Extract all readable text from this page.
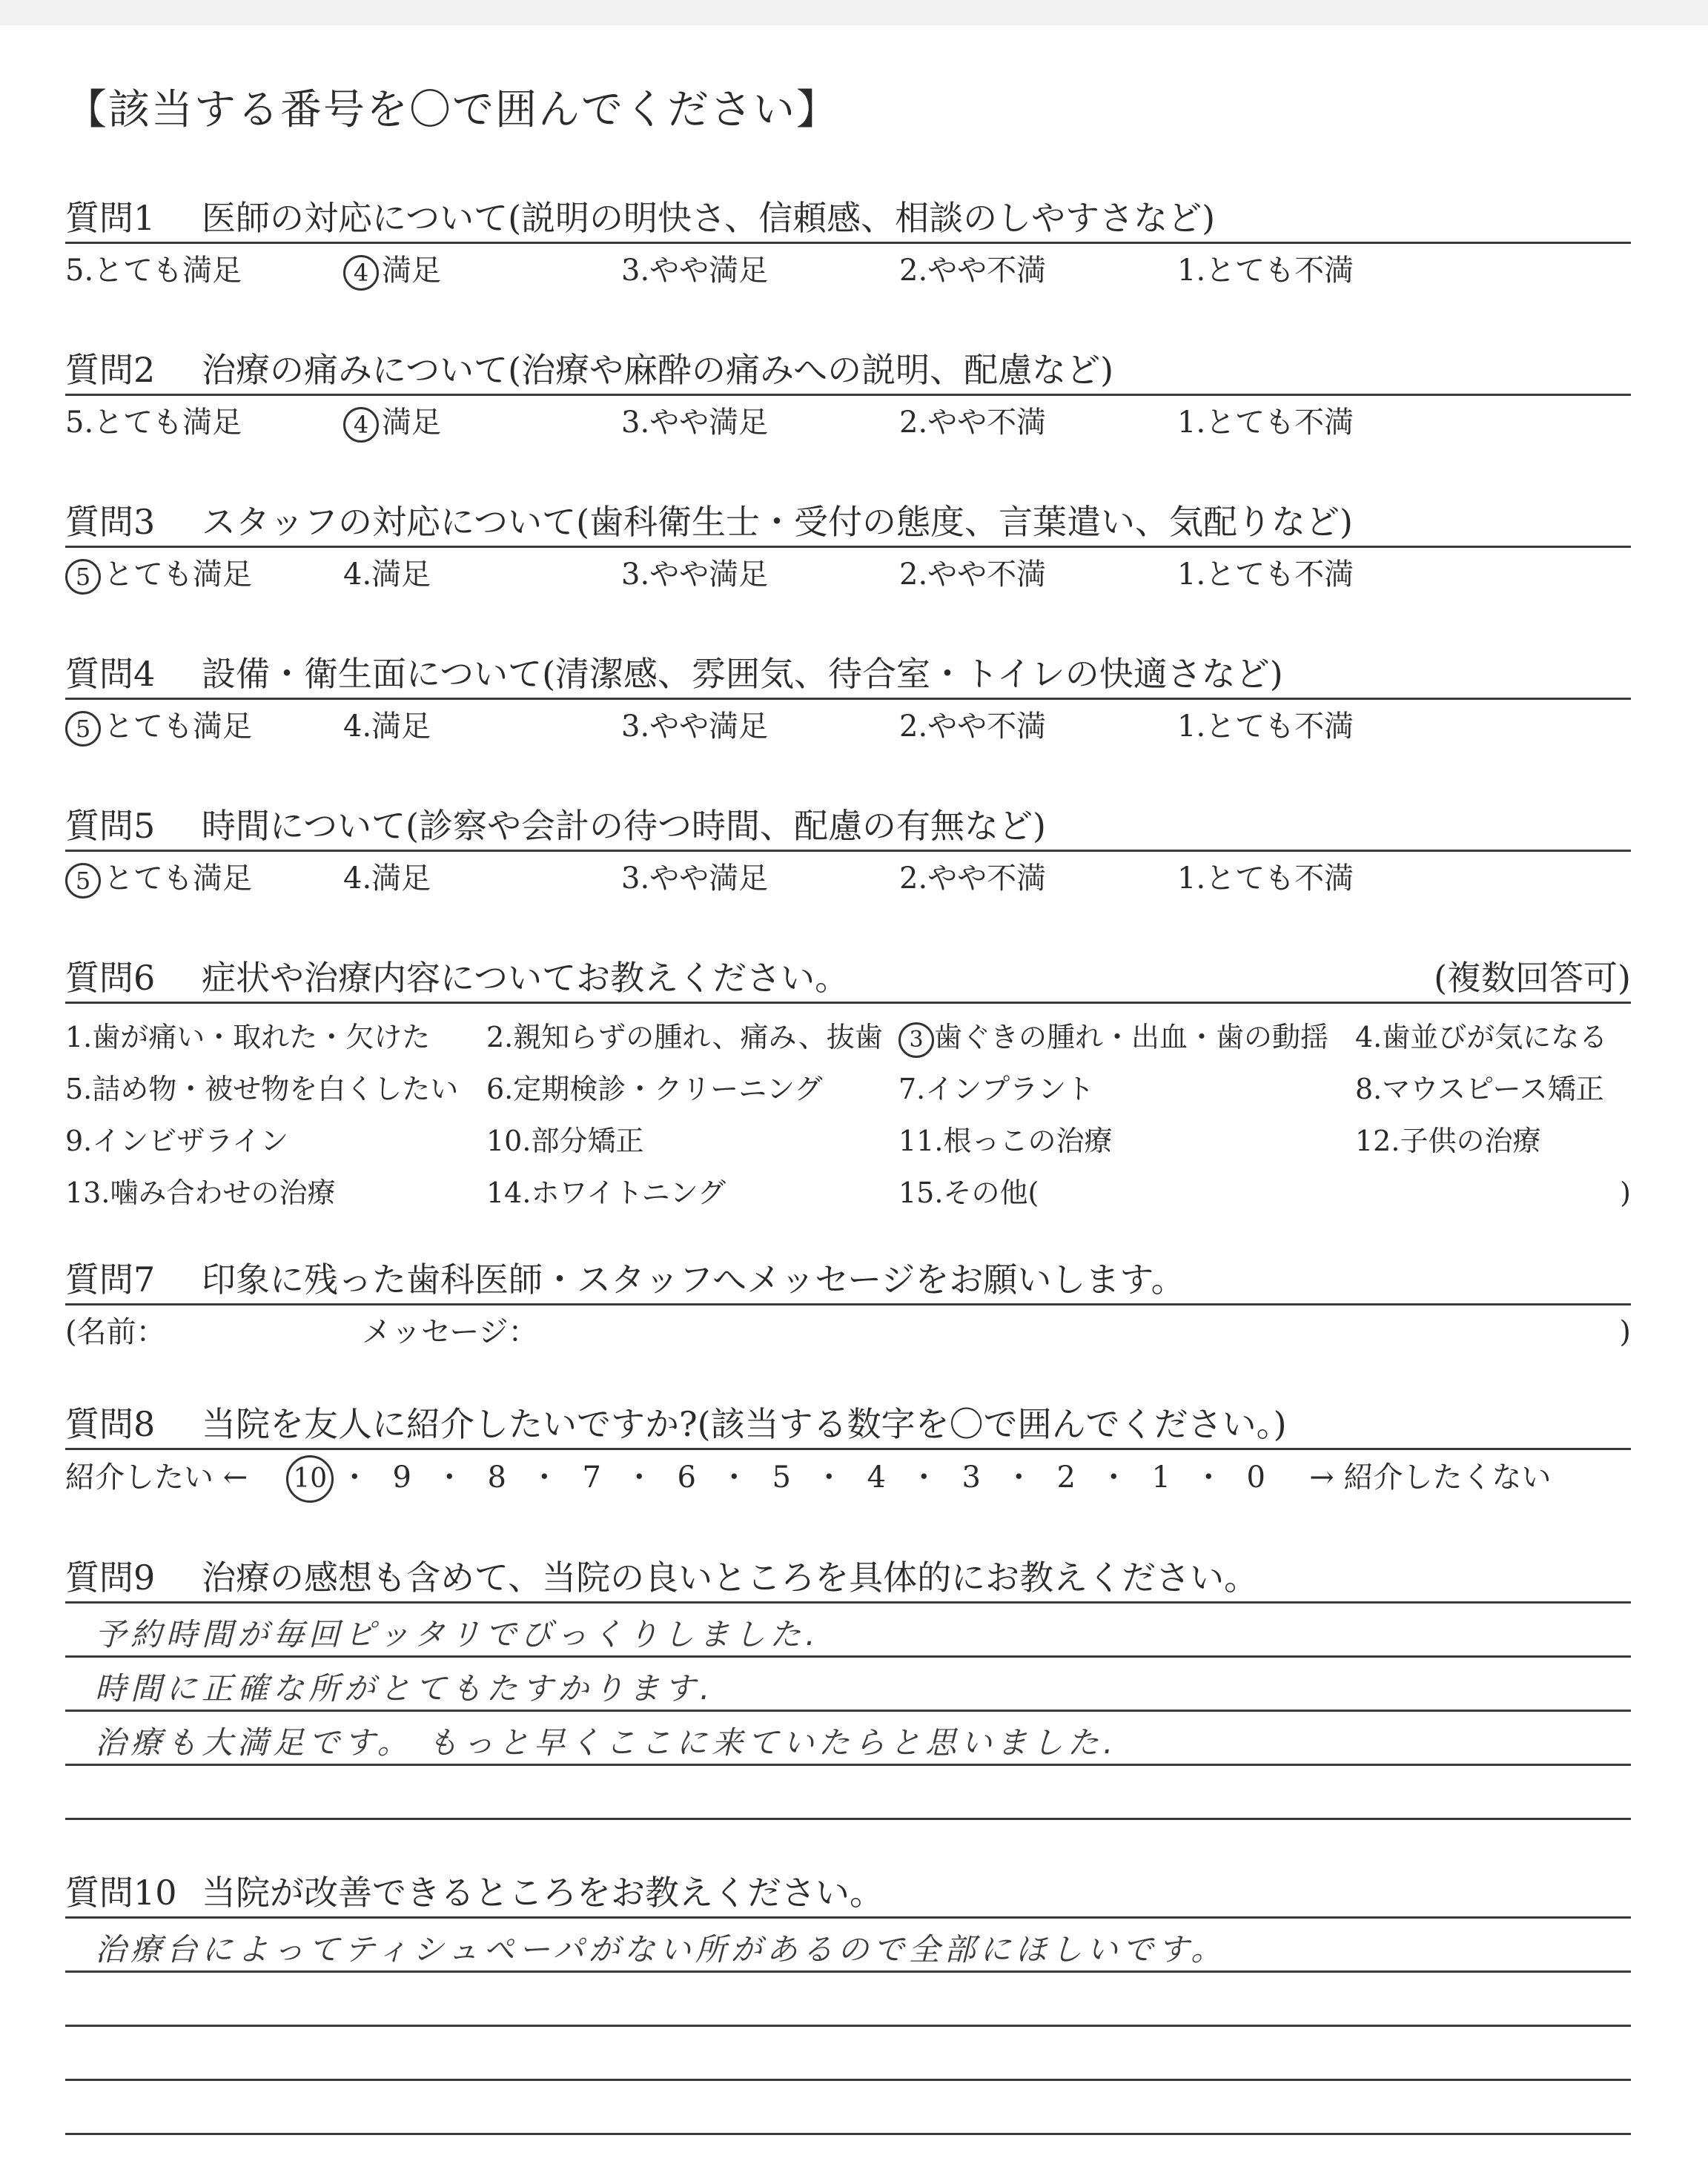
【該当する番号を〇で囲んでください】
質問1 医師の対応について(説明の明快さ、信頼感、相談のしやすさなど)
5.とても満足	4 満足	3.やや満足	2.やや不満	1.とても不満
質問2 治療の痛みについて(治療や麻酔の痛みへの説明、配慮など)
5.とても満足	4 満足	3.やや満足	2.やや不満	1.とても不満
質問3 スタッフの対応について(歯科衛生士・受付の態度、言葉遣い、気配りなど)
5 とても満足	4.満足	3.やや満足	2.やや不満	1.とても不満
質問4 設備・衛生面について(清潔感、雰囲気、待合室・トイレの快適さなど)
5 とても満足	4.満足	3.やや満足	2.やや不満	1.とても不満
質問5 時間について(診察や会計の待つ時間、配慮の有無など)
5 とても満足	4.満足	3.やや満足	2.やや不満	1.とても不満
質問6 症状や治療内容についてお教えください。	(複数回答可)
1.歯が痛い・取れた・欠けた	2.親知らずの腫れ、痛み、抜歯	3 歯ぐきの腫れ・出血・歯の動揺 4.歯並びが気になる
5.詰め物・被せ物を白くしたい 6.定期検診・クリーニング	7.インプラント	8.マウスピース矯正
9.インビザライン	10.部分矯正	11.根っこの治療	12.子供の治療
13.噛み合わせの治療	14.ホワイトニング	15.その他(	)
質問7 印象に残った歯科医師・スタッフへメッセージをお願いします。
(名前：	メッセージ：	)
質問8 当院を友人に紹介したいですか?(該当する数字を〇で囲んでください。)
紹介したい ← 10 ・ 9 ・ 8 ・ 7 ・ 6 ・ 5 ・ 4 ・ 3 ・ 2 ・ 1 ・ 0	→ 紹介したくない
質問9 治療の感想も含めて、当院の良いところを具体的にお教えください。
予約時間が毎回ピッタリでびっくりしました.
時間に正確な所がとてもたすかります.
治療も大満足です。 もっと早くここに来ていたらと思いました.
質問10 当院が改善できるところをお教えください。
治療台によってティシュペーパがない所があるので全部にほしいです。
